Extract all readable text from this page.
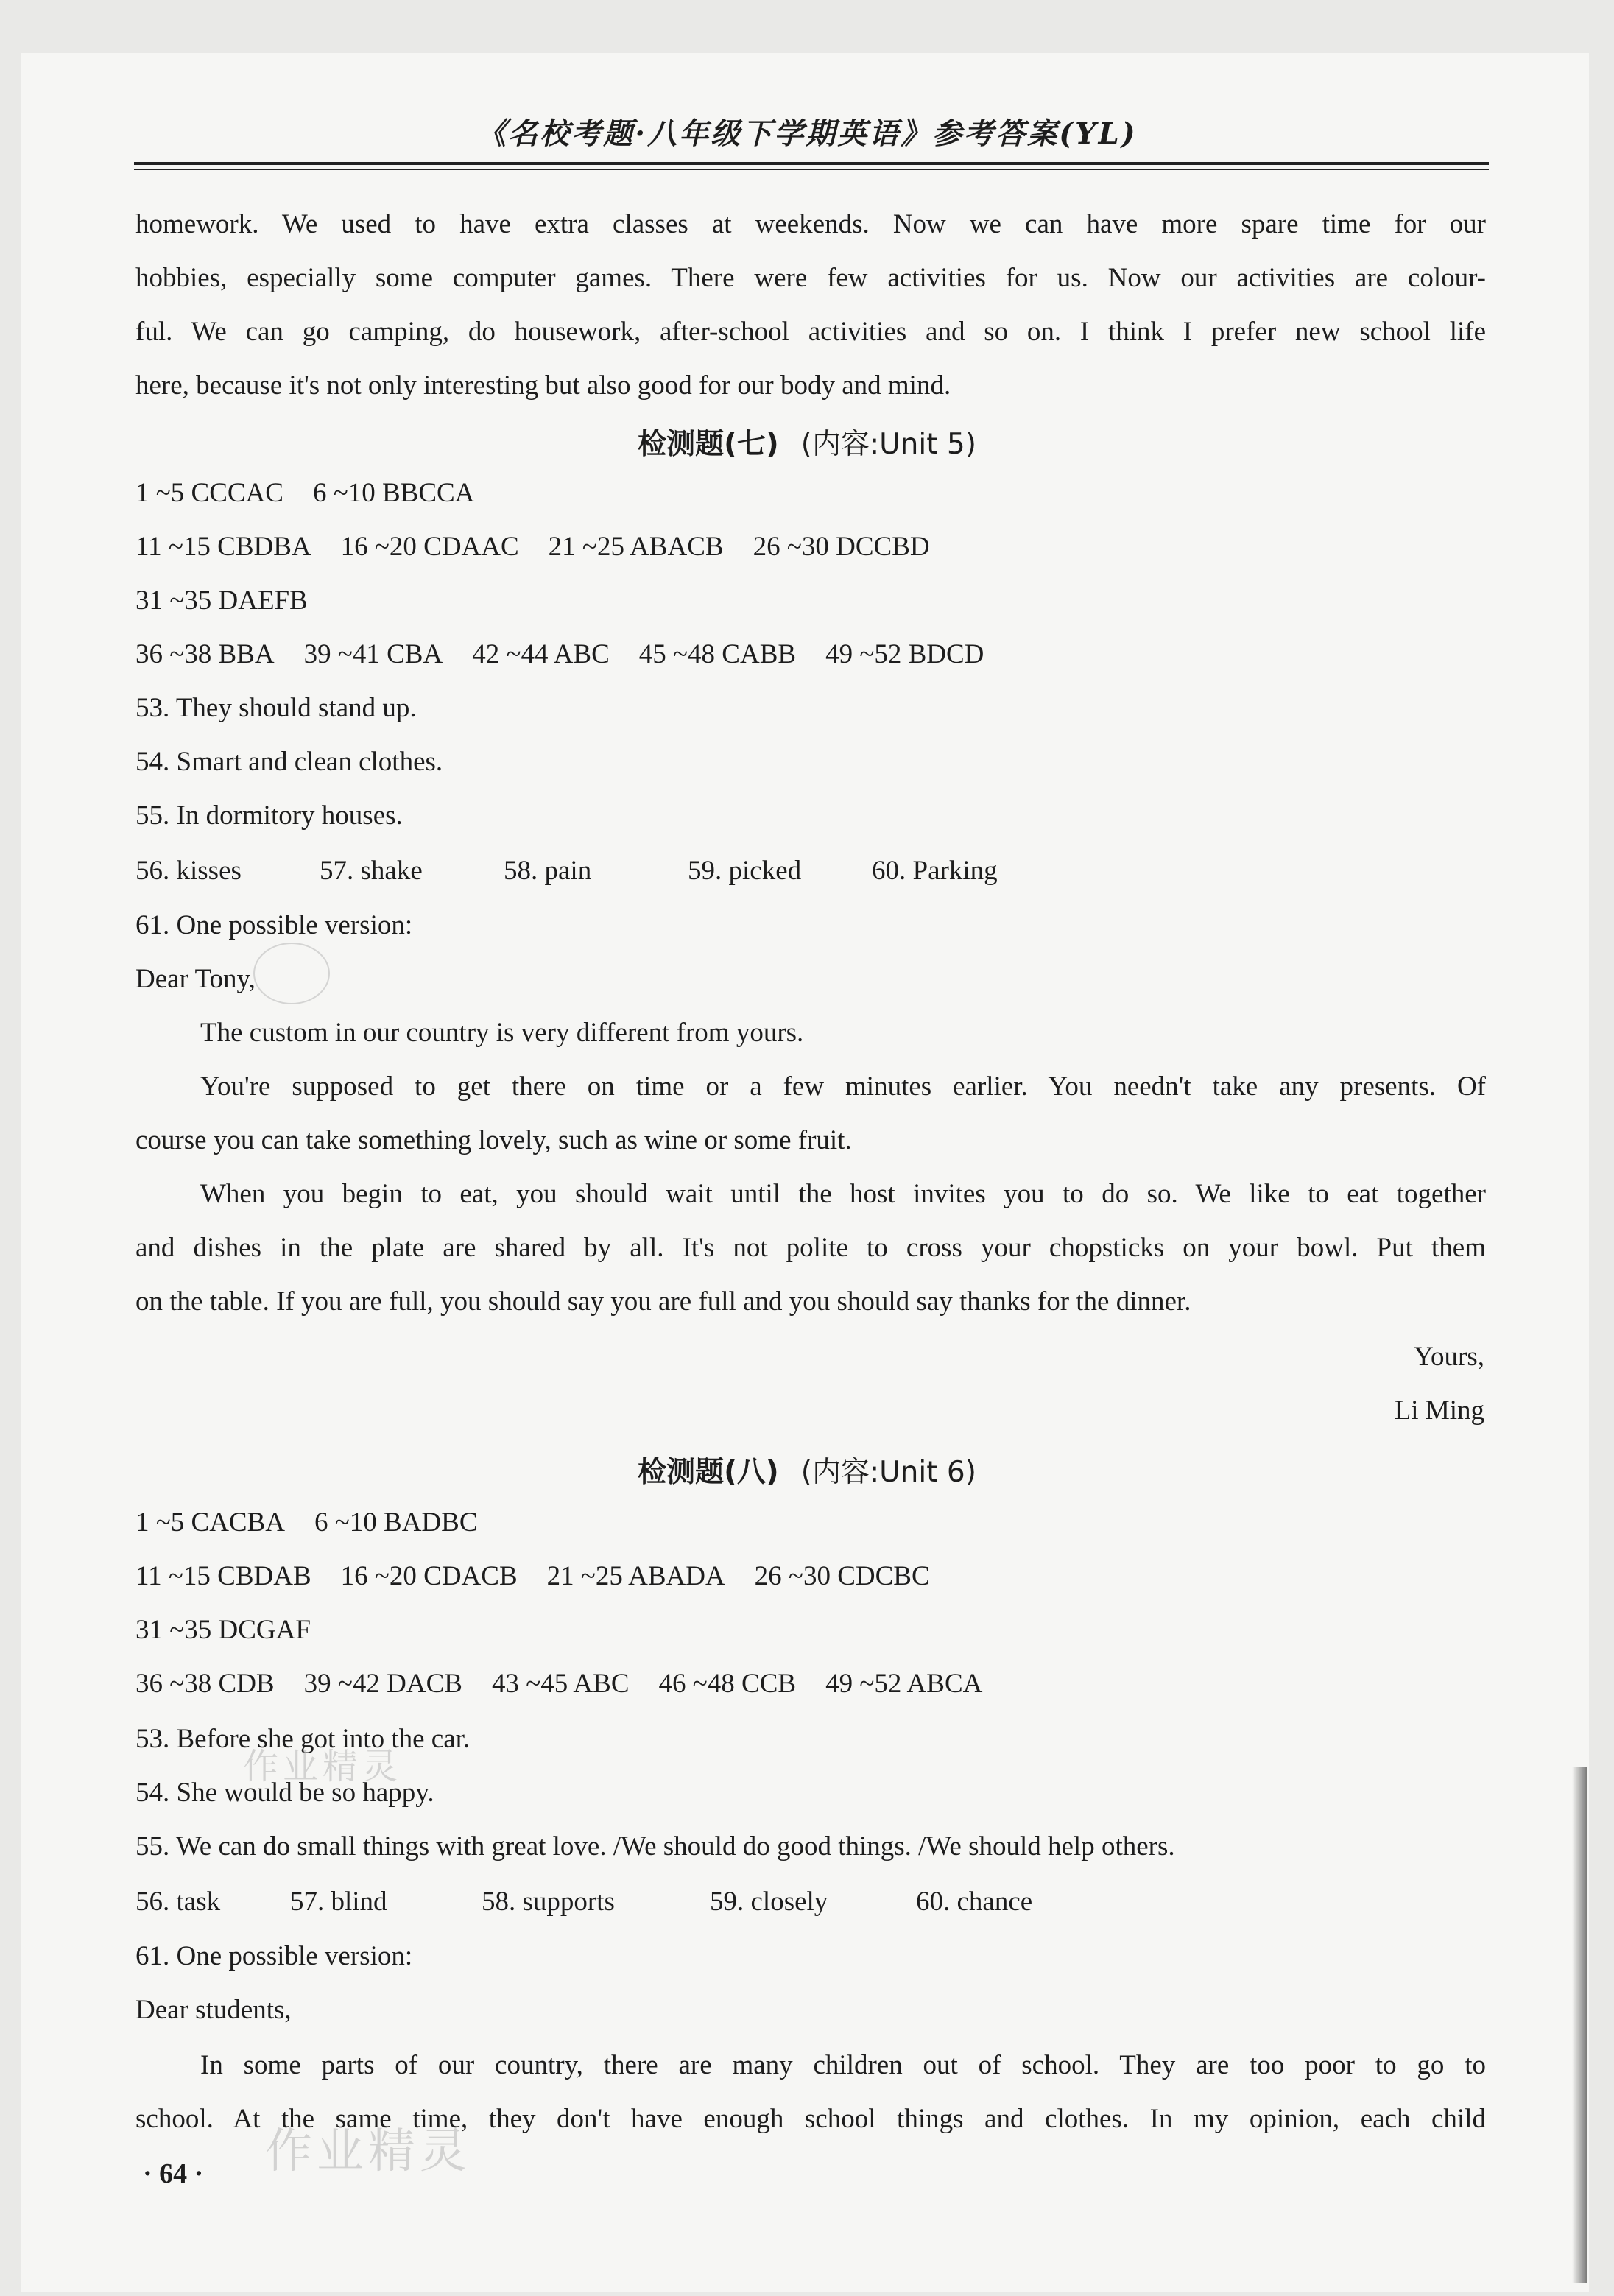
《名校考题·八年级下学期英语》参考答案(YL)
homework. We used to have extra classes at weekends. Now we can have more spare time for our
hobbies, especially some computer games. There were few activities for us. Now our activities are colour-
ful. We can go camping, do housework, after-school activities and so on. I think I prefer new school life
here, because it's not only interesting but also good for our body and mind.
检测题(七) (内容:Unit 5)
1 ~5 CCCAC 6 ~10 BBCCA
11 ~15 CBDBA 16 ~20 CDAAC 21 ~25 ABACB 26 ~30 DCCBD
31 ~35 DAEFB
36 ~38 BBA 39 ~41 CBA 42 ~44 ABC 45 ~48 CABB 49 ~52 BDCD
53. They should stand up.
54. Smart and clean clothes.
55. In dormitory houses.
56. kisses	57. shake	58. pain	59. picked	60. Parking
61. One possible version:
Dear Tony,
The custom in our country is very different from yours.
You're supposed to get there on time or a few minutes earlier. You needn't take any presents. Of
course you can take something lovely, such as wine or some fruit.
When you begin to eat, you should wait until the host invites you to do so. We like to eat together
and dishes in the plate are shared by all. It's not polite to cross your chopsticks on your bowl. Put them
on the table. If you are full, you should say you are full and you should say thanks for the dinner.
Yours,
Li Ming
检测题(八) (内容:Unit 6)
1 ~5 CACBA 6 ~10 BADBC
11 ~15 CBDAB 16 ~20 CDACB 21 ~25 ABADA 26 ~30 CDCBC
31 ~35 DCGAF
36 ~38 CDB 39 ~42 DACB 43 ~45 ABC 46 ~48 CCB 49 ~52 ABCA
53. Before she got into the car.
作业精灵
54. She would be so happy.
55. We can do small things with great love. /We should do good things. /We should help others.
56. task	57. blind	58. supports	59. closely	60. chance
61. One possible version:
Dear students,
In some parts of our country, there are many children out of school. They are too poor to go to
school. At the same time, they don't have enough school things and clothes. In my opinion, each child
· 64 · 作业精灵
